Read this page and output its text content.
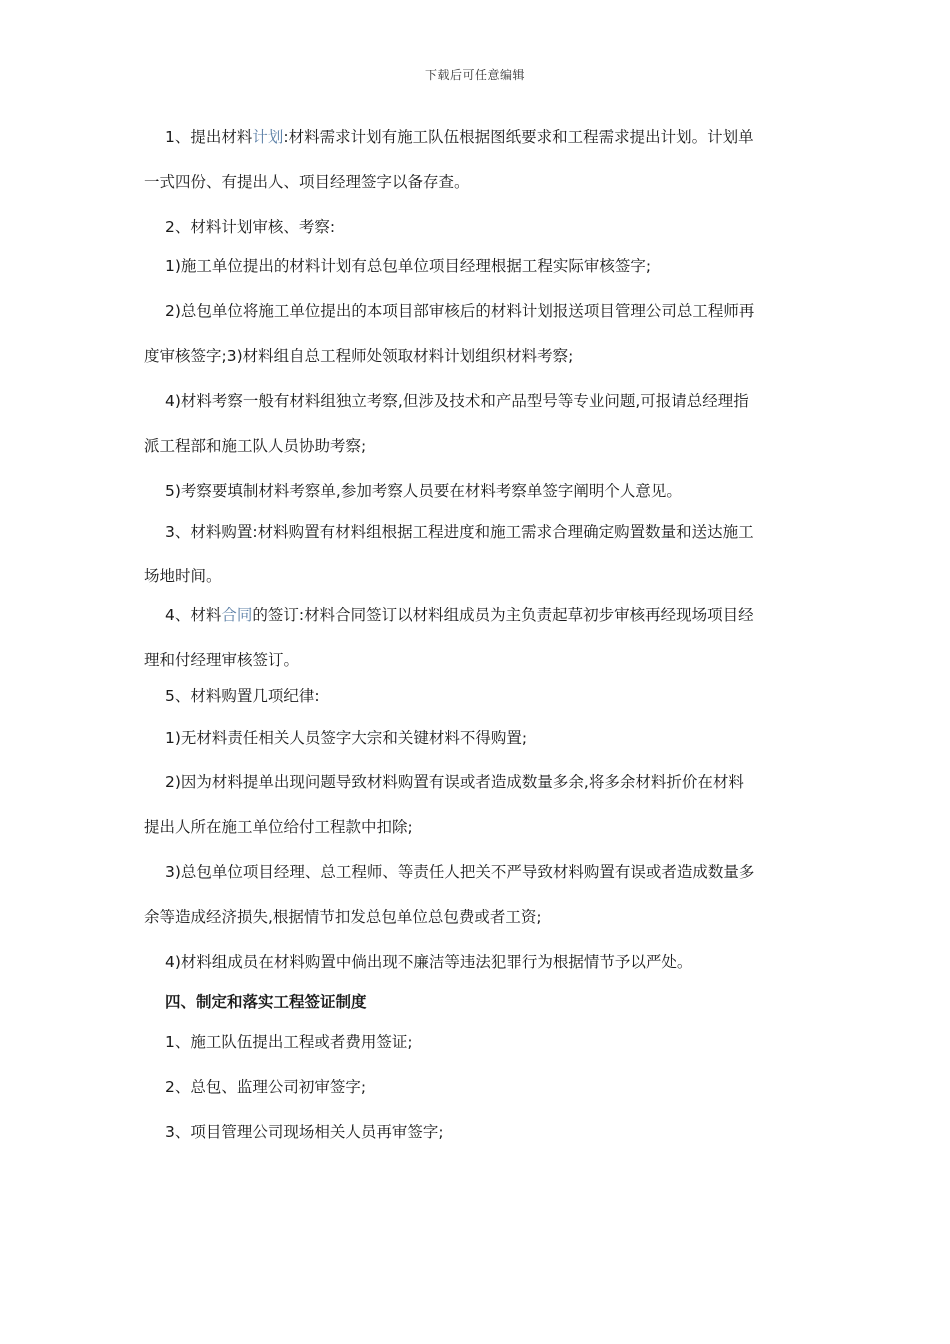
下载后可任意编辑
1、提出材料计划:材料需求计划有施工队伍根据图纸要求和工程需求提出计划。计划单
一式四份、有提出人、项目经理签字以备存查。
2、材料计划审核、考察:
1)施工单位提出的材料计划有总包单位项目经理根据工程实际审核签字;
2)总包单位将施工单位提出的本项目部审核后的材料计划报送项目管理公司总工程师再
度审核签字;3)材料组自总工程师处领取材料计划组织材料考察;
4)材料考察一般有材料组独立考察,但涉及技术和产品型号等专业问题,可报请总经理指
派工程部和施工队人员协助考察;
5)考察要填制材料考察单,参加考察人员要在材料考察单签字阐明个人意见。
3、材料购置:材料购置有材料组根据工程进度和施工需求合理确定购置数量和送达施工
场地时间。
4、材料合同的签订:材料合同签订以材料组成员为主负责起草初步审核再经现场项目经
理和付经理审核签订。
5、材料购置几项纪律:
1)无材料责任相关人员签字大宗和关键材料不得购置;
2)因为材料提单出现问题导致材料购置有误或者造成数量多余,将多余材料折价在材料
提出人所在施工单位给付工程款中扣除;
3)总包单位项目经理、总工程师、等责任人把关不严导致材料购置有误或者造成数量多
余等造成经济损失,根据情节扣发总包单位总包费或者工资;
4)材料组成员在材料购置中倘出现不廉洁等违法犯罪行为根据情节予以严处。
四、制定和落实工程签证制度
1、施工队伍提出工程或者费用签证;
2、总包、监理公司初审签字;
3、项目管理公司现场相关人员再审签字;
